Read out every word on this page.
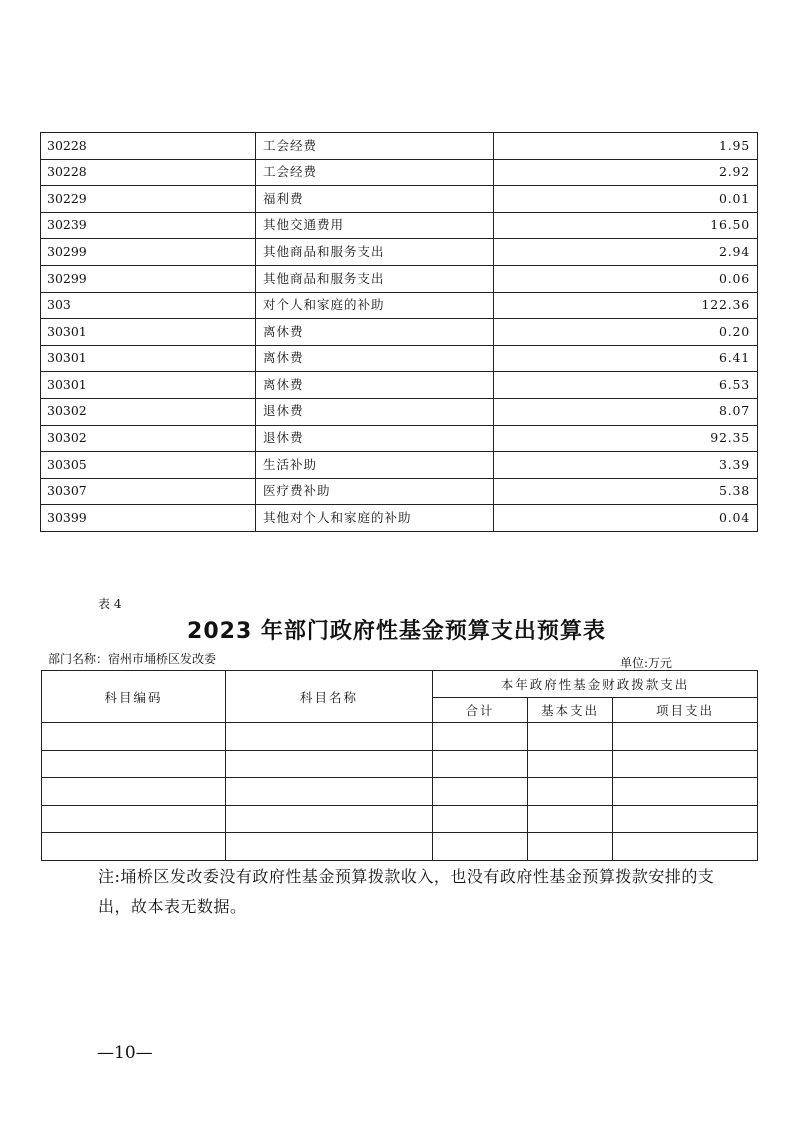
30228	工会经费	1.95
30228	工会经费	2.92
30229	福利费	0.01
30239	其他交通费用	16.50
30299	其他商品和服务支出	2.94
30299	其他商品和服务支出	0.06
303	对个人和家庭的补助	122.36
30301	离休费	0.20
30301	离休费	6.41
30301	离休费	6.53
30302	退休费	8.07
30302	退休费	92.35
30305	生活补助	3.39
30307	医疗费补助	5.38
30399	其他对个人和家庭的补助	0.04
表 4
2023 年部门政府性基金预算支出预算表
部门名称：宿州市埇桥区发改委	单位:万元
科目编码	科目名称	本年政府性基金财政拨款支出		
		合计	基本支出	项目支出

注:埇桥区发改委没有政府性基金预算拨款收入，也没有政府性基金预算拨款安排的支出，故本表无数据。

—10—
